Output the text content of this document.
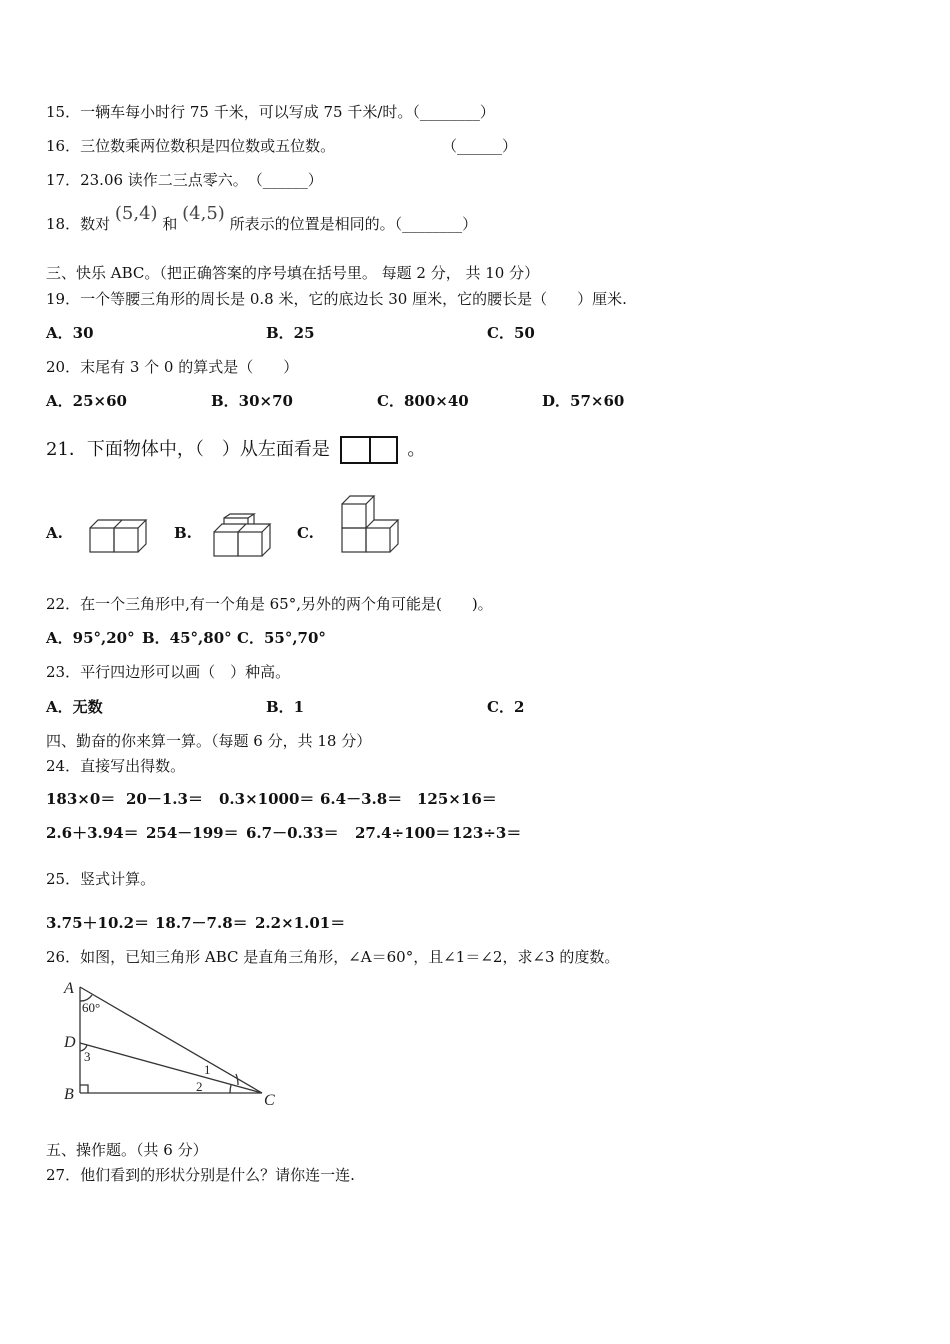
15．一辆车每小时行 75 千米，可以写成 75 千米/时。（________）
16．三位数乘两位数积是四位数或五位数。	（______）
17．23.06 读作二三点零六。　（______）
18．数对 (5,4) 和 (4,5) 所表示的位置是相同的。（________）
三、快乐 ABC。（把正确答案的序号填在括号里。 每题 2 分， 共 10 分）
19．一个等腰三角形的周长是 0.8 米，它的底边长 30 厘米，它的腰长是（　　）厘米.
A．30	B．25	C．50
20．末尾有 3 个 0 的算式是（　　）
A．25×60	B．30×70	C．800×40	D．57×60
21．下面物体中，（　）从左面看是	。
A.	B.	C.
22．在一个三角形中,有一个角是 65°,另外的两个角可能是(　　)。
A．95°,20° B．45°,80° C．55°,70°
23．平行四边形可以画（　）种高。
A．无数	B．1	C．2
四、勤奋的你来算一算。（每题 6 分，共 18 分）
24．直接写出得数。
183×0＝ 20－1.3＝ 0.3×1000＝ 6.4－3.8＝ 125×16＝
2.6＋3.94＝ 254－199＝ 6.7－0.33＝ 27.4÷100＝ 123÷3＝
25．竖式计算。
3.75＋10.2＝ 18.7－7.8＝ 2.2×1.01＝
26．如图，已知三角形 ABC 是直角三角形，∠A＝60°，且∠1＝∠2，求∠3 的度数。
A
D
B	C
60°
1
2
3
五、操作题。（共 6 分）
27．他们看到的形状分别是什么？请你连一连.
